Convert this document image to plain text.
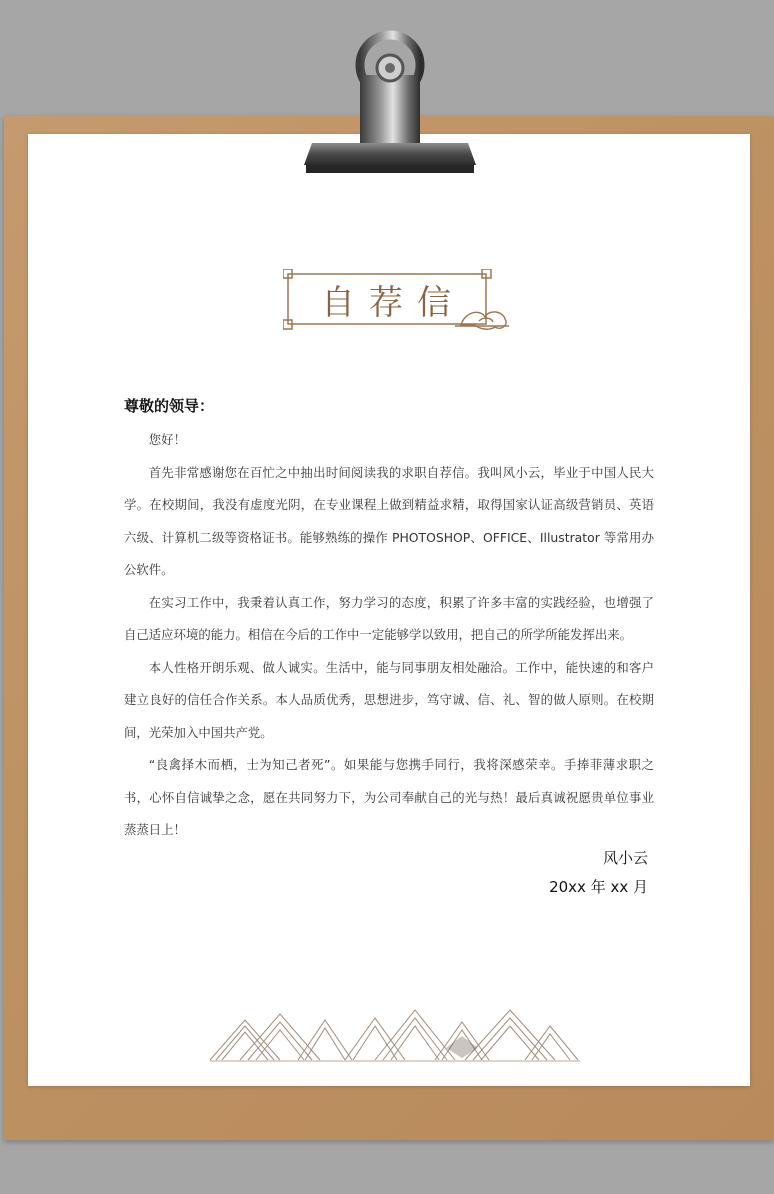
自荐信
尊敬的领导：

您好！

首先非常感谢您在百忙之中抽出时间阅读我的求职自荐信。我叫风小云，毕业于中国人民大学。在校期间，我没有虚度光阴，在专业课程上做到精益求精，取得国家认证高级营销员、英语六级、计算机二级等资格证书。能够熟练的操作 PHOTOSHOP、OFFICE、Illustrator 等常用办公软件。

在实习工作中，我秉着认真工作，努力学习的态度，积累了许多丰富的实践经验，也增强了自己适应环境的能力。相信在今后的工作中一定能够学以致用，把自己的所学所能发挥出来。

本人性格开朗乐观、做人诚实。生活中，能与同事朋友相处融洽。工作中，能快速的和客户建立良好的信任合作关系。本人品质优秀，思想进步，笃守诚、信、礼、智的做人原则。在校期间，光荣加入中国共产党。

“良禽择木而栖，士为知己者死”。如果能与您携手同行，我将深感荣幸。手捧菲薄求职之书，心怀自信诚挚之念，愿在共同努力下，为公司奉献自己的光与热！最后真诚祝愿贵单位事业蒸蒸日上！

风小云
20xx 年 xx 月
